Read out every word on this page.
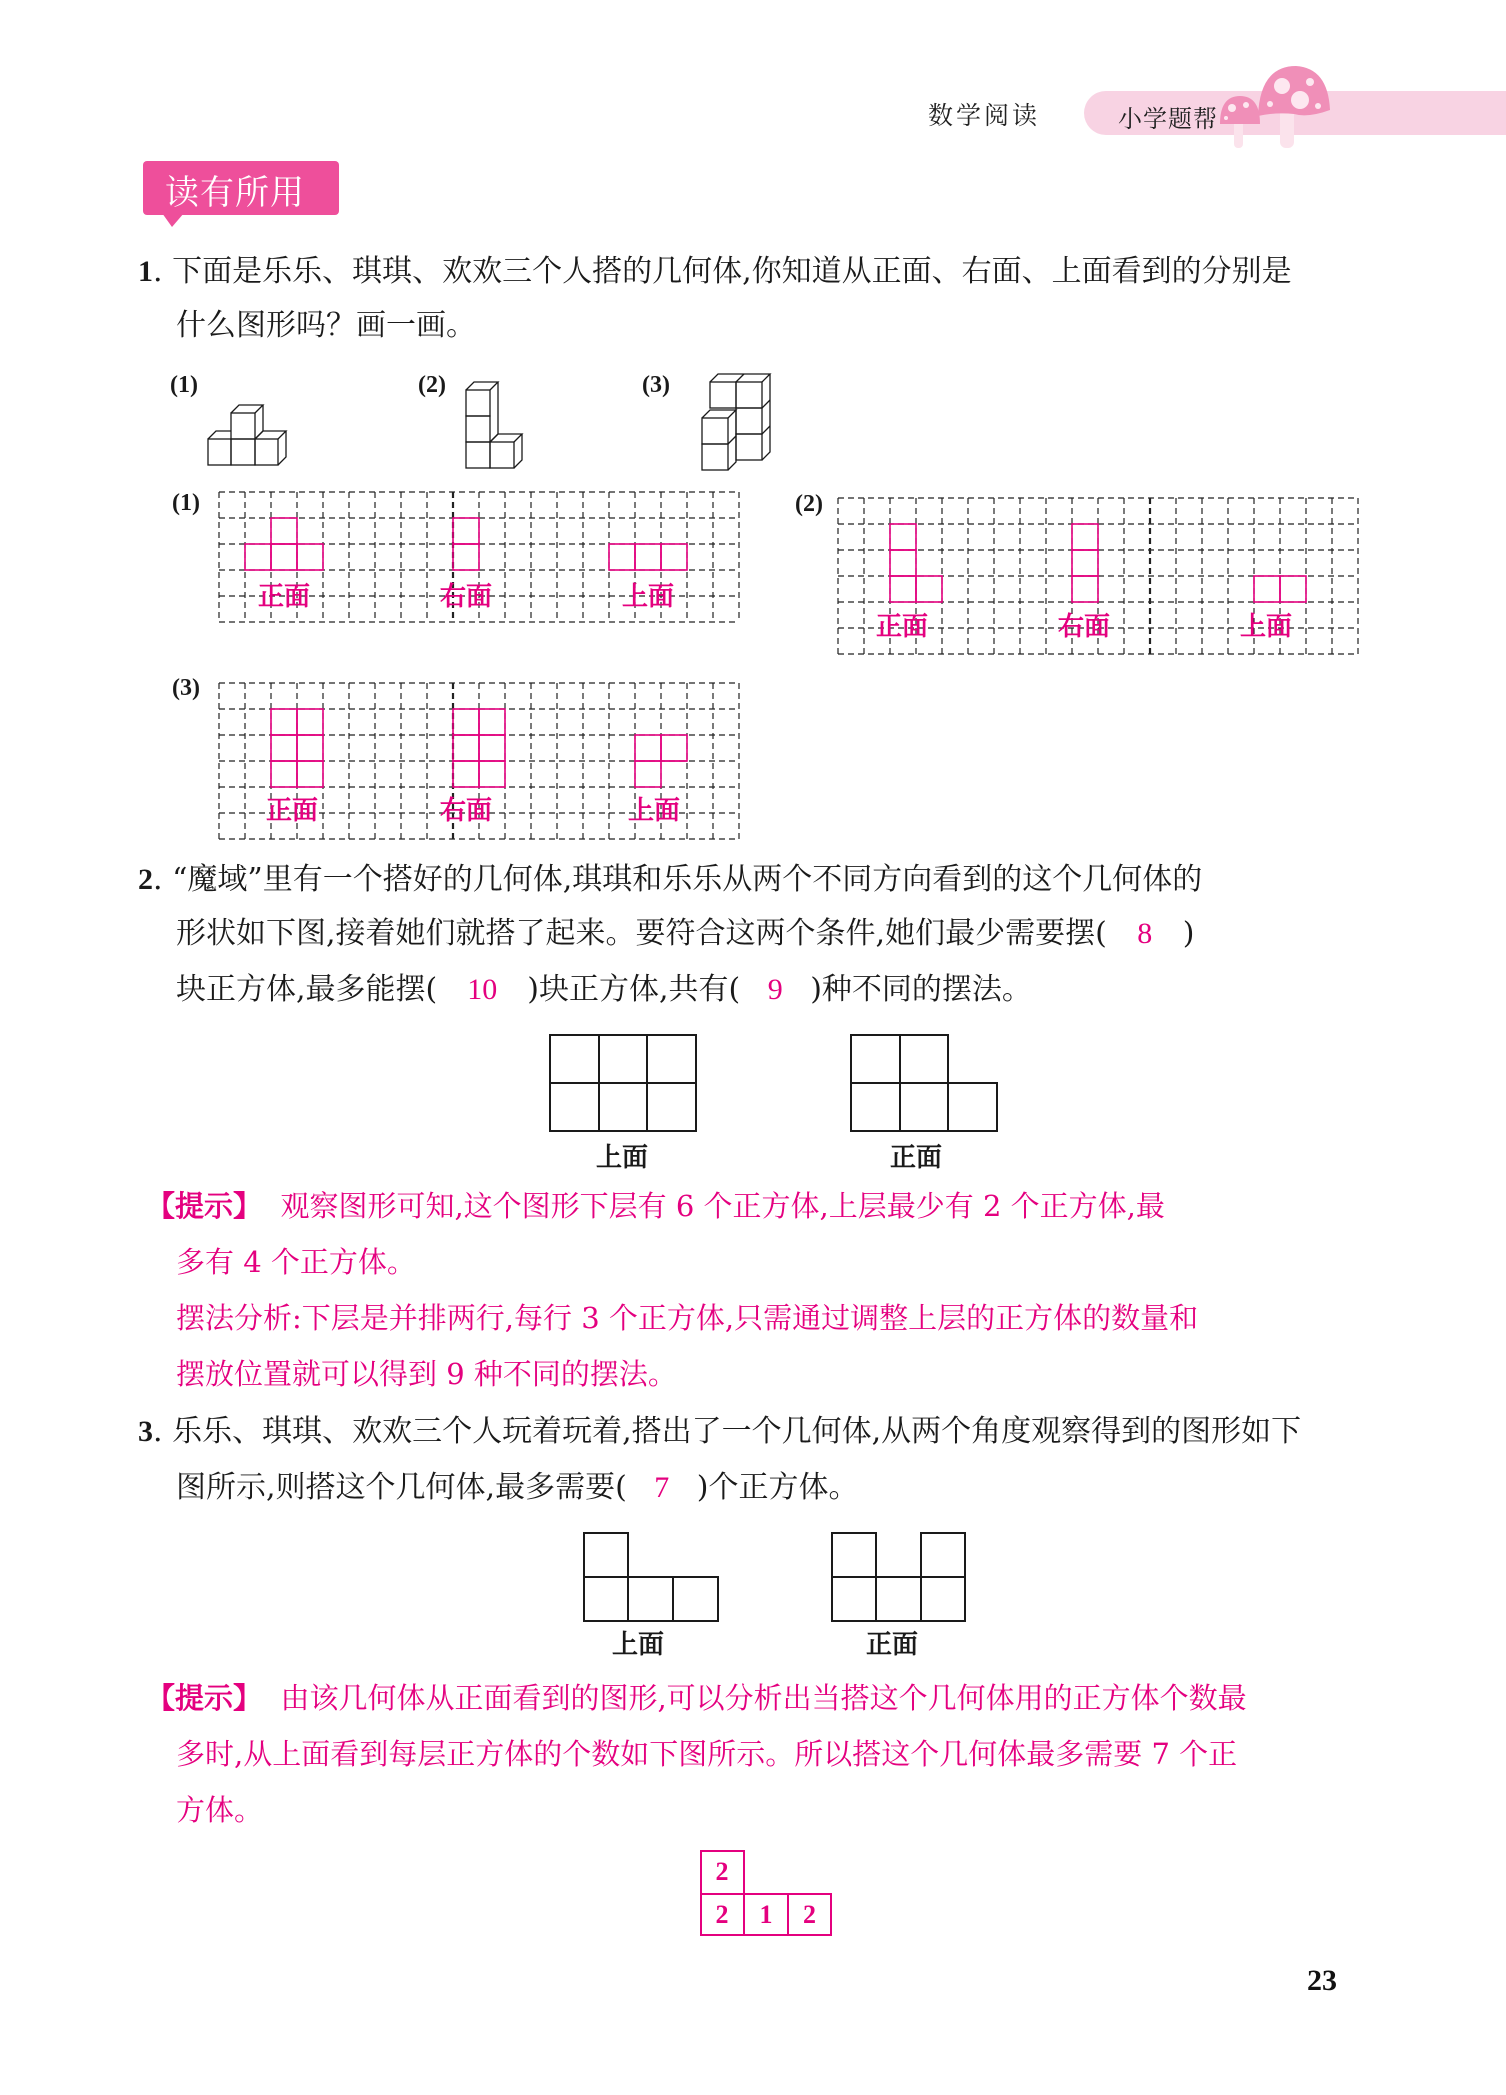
数学阅读	小学题帮
读有所用
1. 下面是乐乐、琪琪、欢欢三个人搭的几何体,你知道从正面、右面、上面看到的分别是
什么图形吗？画一画。
(1)	(2)	(3)
(1)	(2)
(3)
正面	右面	上面
正面	右面	上面
正面	右面	上面
2. “魔域”里有一个搭好的几何体,琪琪和乐乐从两个不同方向看到的这个几何体的
形状如下图,接着她们就搭了起来。要符合这两个条件,她们最少需要摆( 8 )
块正方体,最多能摆( 10 )块正方体,共有( 9 )种不同的摆法。
上面	正面
【提示】 观察图形可知,这个图形下层有 6 个正方体,上层最少有 2 个正方体,最
多有 4 个正方体。
摆法分析:下层是并排两行,每行 3 个正方体,只需通过调整上层的正方体的数量和
摆放位置就可以得到 9 种不同的摆法。
3. 乐乐、琪琪、欢欢三个人玩着玩着,搭出了一个几何体,从两个角度观察得到的图形如下
图所示,则搭这个几何体,最多需要( 7 )个正方体。
上面	正面
【提示】 由该几何体从正面看到的图形,可以分析出当搭这个几何体用的正方体个数最
多时,从上面看到每层正方体的个数如下图所示。所以搭这个几何体最多需要 7 个正
方体。
2
2	1	2
23
